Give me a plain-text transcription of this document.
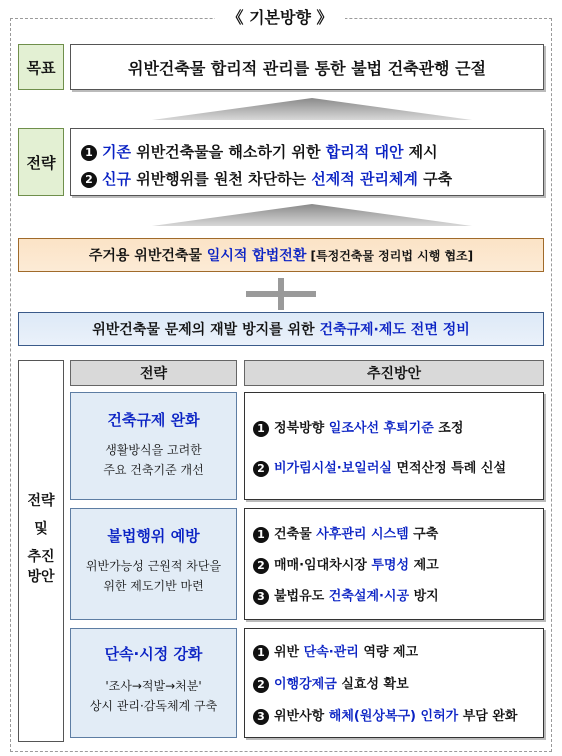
《 기본방향 》
목표	위반건축물 합리적 관리를 통한 불법 건축관행 근절
전략
1 기존 위반건축물을 해소하기 위한 합리적 대안 제시
2 신규 위반행위를 원천 차단하는 선제적 관리체계 구축
주거용 위반건축물 일시적 합법전환 [특정건축물 정리법 시행 협조]
위반건축물 문제의 재발 방지를 위한 건축규제·제도 전면 정비
전략
및
추진
방안
전략	추진방안
건축규제 완화
생활방식을 고려한
주요 건축기준 개선
1 정북방향 일조사선 후퇴기준 조정
2 비가림시설·보일러실 면적산정 특례 신설
불법행위 예방
위반가능성 근원적 차단을
위한 제도기반 마련
1 건축물 사후관리 시스템 구축
2 매매·임대차시장 투명성 제고
3 불법유도 건축설계·시공 방지
단속·시정 강화
'조사→적발→처분'
상시 관리·감독체계 구축
1 위반 단속·관리 역량 제고
2 이행강제금 실효성 확보
3 위반사항 해체(원상복구) 인허가 부담 완화
